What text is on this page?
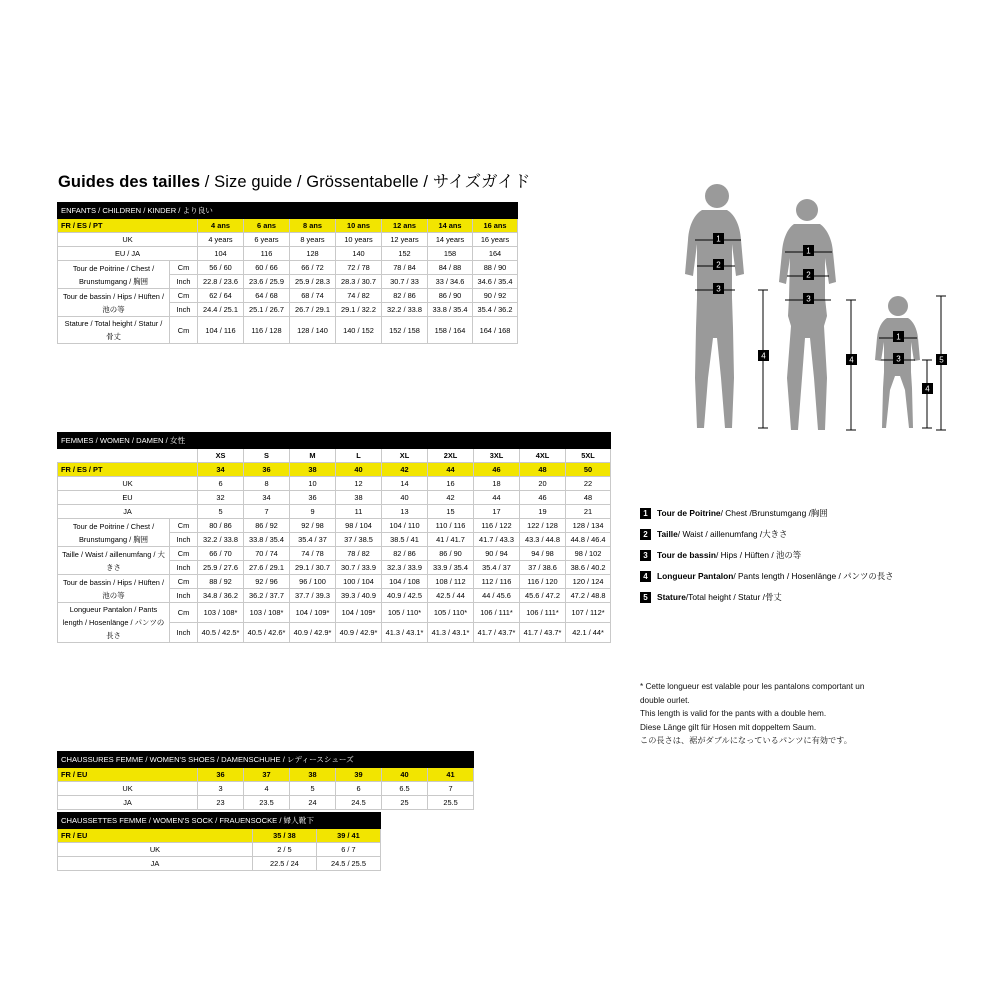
Guides des tailles / Size guide / Grössentabelle / サイズガイド
ENFANTS / CHILDREN / KINDER / より良い								
FR / ES / PT		4 ans	6 ans	8 ans	10 ans	12 ans	14 ans	16 ans
UK		4 years	6 years	8 years	10 years	12 years	14 years	16 years
EU / JA		104	116	128	140	152	158	164
Tour de Poitrine / Chest / Brunstumgang / 胸囲	Cm	56 / 60	60 / 66	66 / 72	72 / 78	78 / 84	84 / 88	88 / 90
	Inch	22.8 / 23.6	23.6 / 25.9	25.9 / 28.3	28.3 / 30.7	30.7 / 33	33 / 34.6	34.6 / 35.4
Tour de bassin / Hips / Hüften / 池の等	Cm	62 / 64	64 / 68	68 / 74	74 / 82	82 / 86	86 / 90	90 / 92
	Inch	24.4 / 25.1	25.1 / 26.7	26.7 / 29.1	29.1 / 32.2	32.2 / 33.8	33.8 / 35.4	35.4 / 36.2
Stature / Total height / Statur / 骨丈	Cm	104 / 116	116 / 128	128 / 140	140 / 152	152 / 158	158 / 164	164 / 168
FEMMES / WOMEN / DAMEN / 女性										
		XS	S	M	L	XL	2XL	3XL	4XL	5XL
FR / ES / PT		34	36	38	40	42	44	46	48	50
UK		6	8	10	12	14	16	18	20	22
EU		32	34	36	38	40	42	44	46	48
JA		5	7	9	11	13	15	17	19	21
Tour de Poitrine / Chest / Brunstumgang / 胸囲	Cm	80 / 86	86 / 92	92 / 98	98 / 104	104 / 110	110 / 116	116 / 122	122 / 128	128 / 134
	Inch	32.2 / 33.8	33.8 / 35.4	35.4 / 37	37 / 38.5	38.5 / 41	41 / 41.7	41.7 / 43.3	43.3 / 44.8	44.8 / 46.4
Taille / Waist / aillenumfang / 大きさ	Cm	66 / 70	70 / 74	74 / 78	78 / 82	82 / 86	86 / 90	90 / 94	94 / 98	98 / 102
	Inch	25.9 / 27.6	27.6 / 29.1	29.1 / 30.7	30.7 / 33.9	32.3 / 33.9	33.9 / 35.4	35.4 / 37	37 / 38.6	38.6 / 40.2
Tour de bassin / Hips / Hüften / 池の等	Cm	88 / 92	92 / 96	96 / 100	100 / 104	104 / 108	108 / 112	112 / 116	116 / 120	120 / 124
	Inch	34.8 / 36.2	36.2 / 37.7	37.7 / 39.3	39.3 / 40.9	40.9 / 42.5	42.5 / 44	44 / 45.6	45.6 / 47.2	47.2 / 48.8
Longueur Pantalon / Pants length / Hosenlänge / パンツの長さ	Cm	103 / 108*	103 / 108*	104 / 109*	104 / 109*	105 / 110*	105 / 110*	106 / 111*	106 / 111*	107 / 112*
	Inch	40.5 / 42.5*	40.5 / 42.6*	40.9 / 42.9*	40.9 / 42.9*	41.3 / 43.1*	41.3 / 43.1*	41.7 / 43.7*	41.7 / 43.7*	42.1 / 44*
CHAUSSURES FEMME / WOMEN'S SHOES / DAMENSCHUHE / レディースシューズ						
FR / EU	36	37	38	39	40	41
UK	3	4	5	6	6.5	7
JA	23	23.5	24	24.5	25	25.5
CHAUSSETTES FEMME / WOMEN'S SOCK / FRAUENSOCKE / 婦人靴下		
FR / EU	35 / 38	39 / 41
UK	2 / 5	6 / 7
JA	22.5 / 24	24.5 / 25.5
1
2
3
4
1
2
3
4
1
3
4
5
1	Tour de Poitrine / Chest /Brunstumgang /胸囲
2	Taille / Waist / aillenumfang /大きさ
3	Tour de bassin / Hips / Hüften / 池の等
4	Longueur Pantalon / Pants length / Hosenlänge / パンツの長さ
5	Stature /Total height / Statur /骨丈
* Cette longueur est valable pour les pantalons comportant un
double ourlet.
This length is valid for the pants with a double hem.
Diese Länge gilt für Hosen mit doppeltem Saum.
この長さは、裾がダブルになっているパンツに有効です。
